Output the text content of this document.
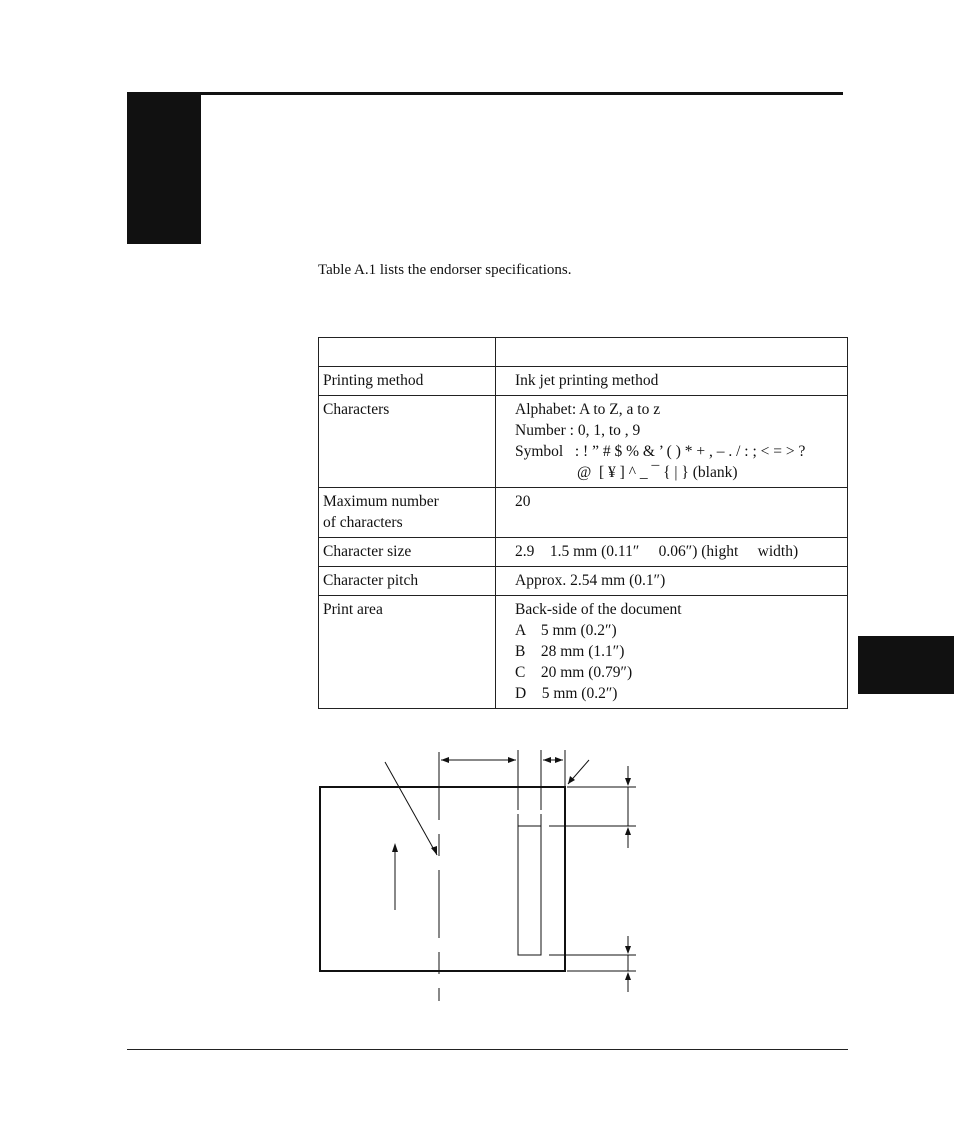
Table A.1 lists the endorser specifications.

Printing method	Ink jet printing method

Characters	Alphabet: A to Z, a to z
Number : 0, 1, to , 9
Symbol   : ! ” # $ % & ’ ( ) * + , – . / : ; < = > ?
@  [ ¥ ] ^ _ ¯ { | } (blank)

Maximum number
of characters	20

Character size	2.9    1.5 mm (0.11″     0.06″) (hight     width)

Character pitch	Approx. 2.54 mm (0.1″)

Print area	Back-side of the document
A    5 mm (0.2″)
B    28 mm (1.1″)
C    20 mm (0.79″)
D    5 mm (0.2″)
